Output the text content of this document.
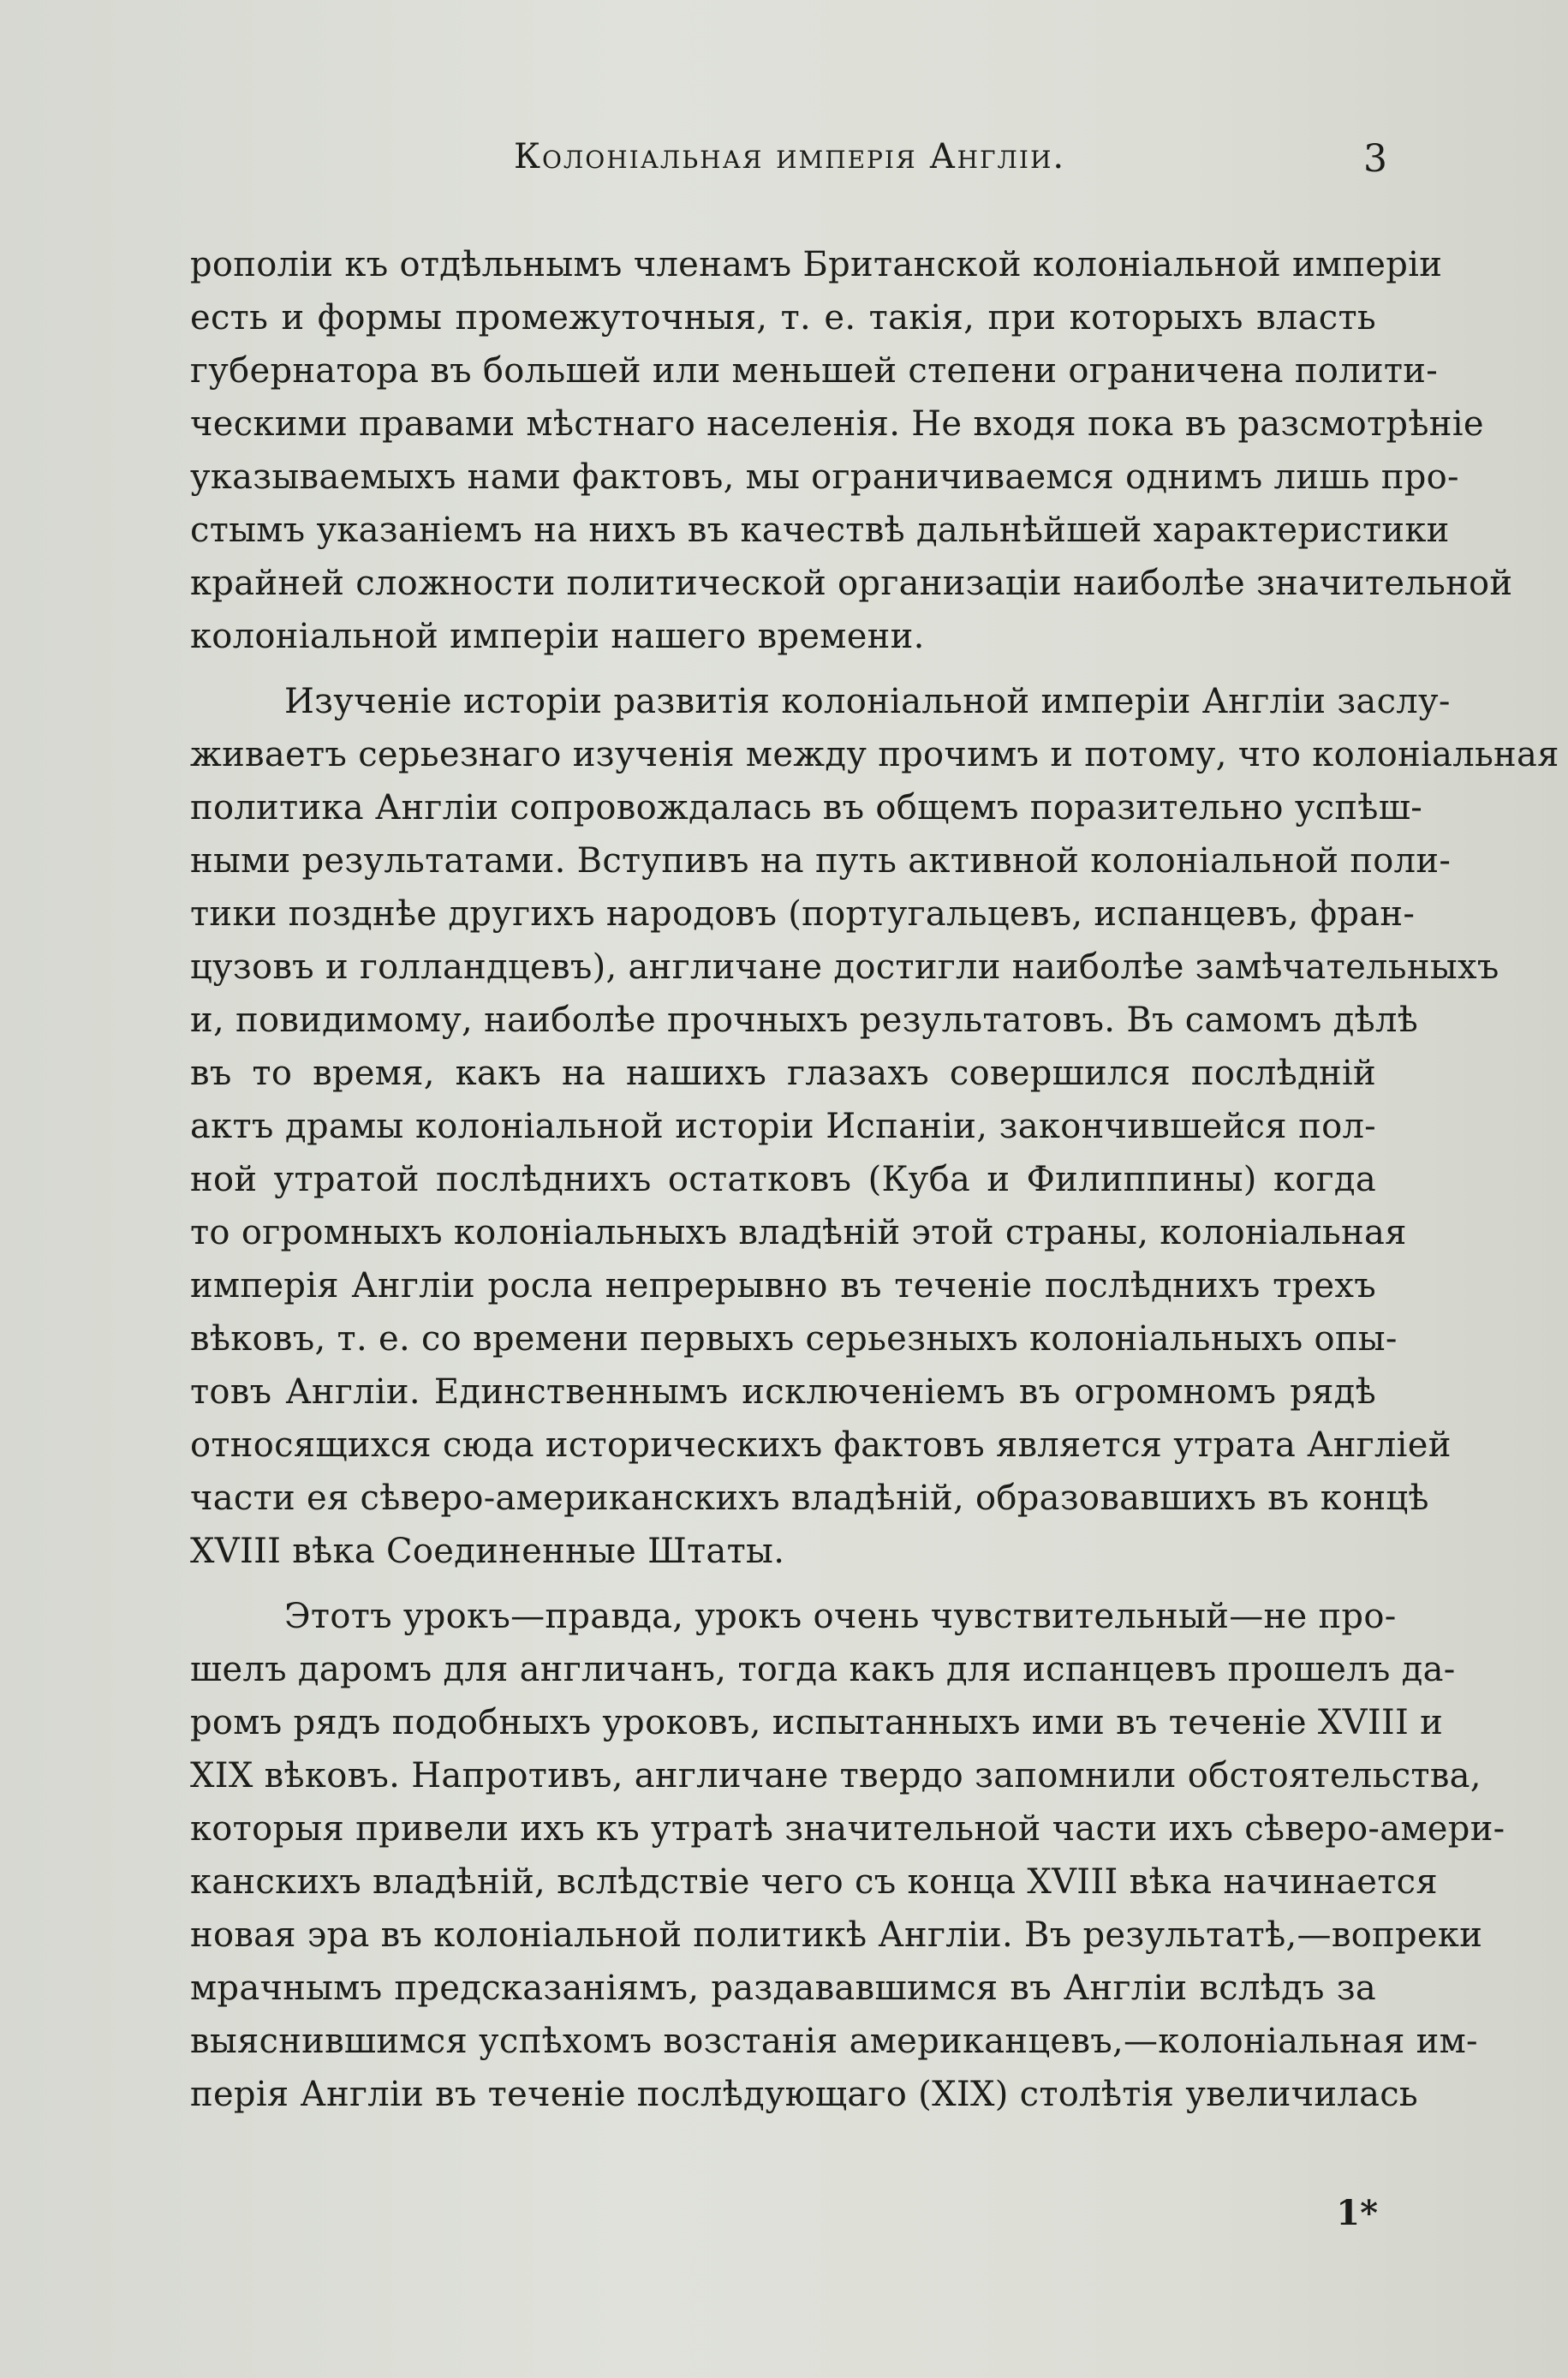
Колоніальная имперія Англіи.	3
рополіи къ отдѣльнымъ членамъ Британской колоніальной имперіи
есть и формы промежуточныя, т. е. такія, при которыхъ власть
губернатора въ большей или меньшей степени ограничена полити-
ческими правами мѣстнаго населенія. Не входя пока въ разсмотрѣніе
указываемыхъ нами фактовъ, мы ограничиваемся однимъ лишь про-
стымъ указаніемъ на нихъ въ качествѣ дальнѣйшей характеристики
крайней сложности политической организаціи наиболѣе значительной
колоніальной имперіи нашего времени.
Изученіе исторіи развитія колоніальной имперіи Англіи заслу-
живаетъ серьезнаго изученія между прочимъ и потому, что колоніальная
политика Англіи сопровождалась въ общемъ поразительно успѣш-
ными результатами. Вступивъ на путь активной колоніальной поли-
тики позднѣе другихъ народовъ (португальцевъ, испанцевъ, фран-
цузовъ и голландцевъ), англичане достигли наиболѣе замѣчательныхъ
и, повидимому, наиболѣе прочныхъ результатовъ. Въ самомъ дѣлѣ
въ то время, какъ на нашихъ глазахъ совершился послѣдній
актъ драмы колоніальной исторіи Испаніи, закончившейся пол-
ной утратой послѣднихъ остатковъ (Куба и Филиппины) когда
то огромныхъ колоніальныхъ владѣній этой страны, колоніальная
имперія Англіи росла непрерывно въ теченіе послѣднихъ трехъ
вѣковъ, т. е. со времени первыхъ серьезныхъ колоніальныхъ опы-
товъ Англіи. Единственнымъ исключеніемъ въ огромномъ рядѣ
относящихся сюда историческихъ фактовъ является утрата Англіей
части ея сѣверо-американскихъ владѣній, образовавшихъ въ концѣ
XVIII вѣка Соединенные Штаты.
Этотъ урокъ—правда, урокъ очень чувствительный—не про-
шелъ даромъ для англичанъ, тогда какъ для испанцевъ прошелъ да-
ромъ рядъ подобныхъ уроковъ, испытанныхъ ими въ теченіе XVIII и
XIX вѣковъ. Напротивъ, англичане твердо запомнили обстоятельства,
которыя привели ихъ къ утратѣ значительной части ихъ сѣверо-амери-
канскихъ владѣній, вслѣдствіе чего съ конца XVIII вѣка начинается
новая эра въ колоніальной политикѣ Англіи. Въ результатѣ,—вопреки
мрачнымъ предсказаніямъ, раздававшимся въ Англіи вслѣдъ за
выяснившимся успѣхомъ возстанія американцевъ,—колоніальная им-
перія Англіи въ теченіе послѣдующаго (XIX) столѣтія увеличилась
1*
